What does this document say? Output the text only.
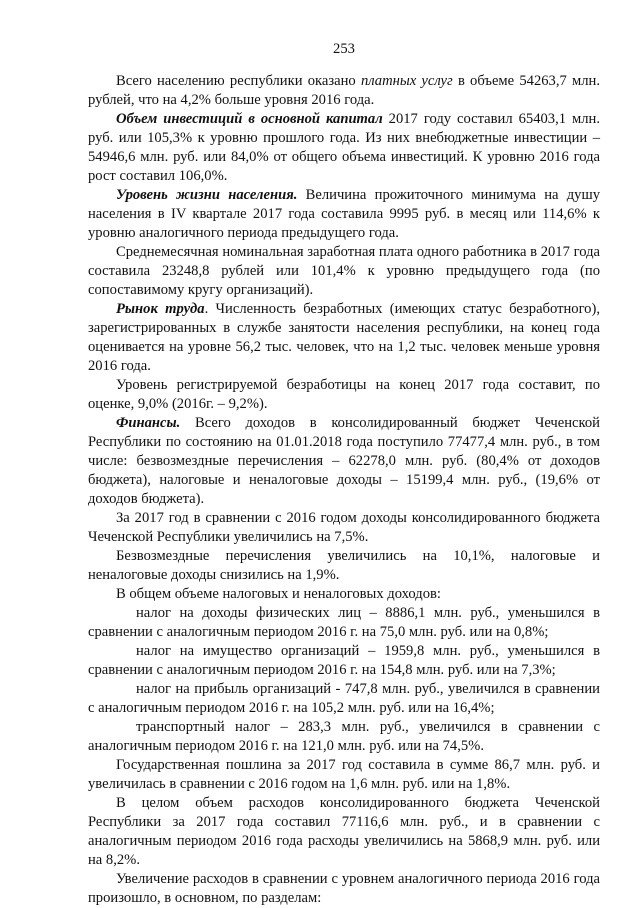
253

Всего населению республики оказано платных услуг в объеме 54263,7 млн. рублей, что на 4,2% больше уровня 2016 года.

Объем инвестиций в основной капитал 2017 году составил 65403,1 млн. руб. или 105,3% к уровню прошлого года. Из них внебюджетные инвестиции – 54946,6 млн. руб. или 84,0% от общего объема инвестиций. К уровню 2016 года рост составил 106,0%.

Уровень жизни населения. Величина прожиточного минимума на душу населения в IV квартале 2017 года составила 9995 руб. в месяц или 114,6% к уровню аналогичного периода предыдущего года.

Среднемесячная номинальная заработная плата одного работника в 2017 года составила 23248,8 рублей или 101,4% к уровню предыдущего года (по сопоставимому кругу организаций).

Рынок труда. Численность безработных (имеющих статус безработного), зарегистрированных в службе занятости населения республики, на конец года оценивается на уровне 56,2 тыс. человек, что на 1,2 тыс. человек меньше уровня 2016 года.

Уровень регистрируемой безработицы на конец 2017 года составит, по оценке, 9,0% (2016г. – 9,2%).

Финансы. Всего доходов в консолидированный бюджет Чеченской Республики по состоянию на 01.01.2018 года поступило 77477,4 млн. руб., в том числе: безвозмездные перечисления – 62278,0 млн. руб. (80,4% от доходов бюджета), налоговые и неналоговые доходы – 15199,4 млн. руб., (19,6% от доходов бюджета).

За 2017 год в сравнении с 2016 годом доходы консолидированного бюджета Чеченской Республики увеличились на 7,5%.

Безвозмездные перечисления увеличились на 10,1%, налоговые и неналоговые доходы снизились на 1,9%.

В общем объеме налоговых и неналоговых доходов:

налог на доходы физических лиц – 8886,1 млн. руб., уменьшился в сравнении с аналогичным периодом 2016 г. на 75,0 млн. руб. или на 0,8%;

налог на имущество организаций – 1959,8 млн. руб., уменьшился в сравнении с аналогичным периодом 2016 г. на 154,8 млн. руб. или на 7,3%;

налог на прибыль организаций - 747,8 млн. руб., увеличился в сравнении с аналогичным периодом 2016 г. на 105,2 млн. руб. или на 16,4%;

транспортный налог – 283,3 млн. руб., увеличился в сравнении с аналогичным периодом 2016 г. на 121,0 млн. руб. или на 74,5%.

Государственная пошлина за 2017 год составила в сумме 86,7 млн. руб. и увеличилась в сравнении с 2016 годом на 1,6 млн. руб. или на 1,8%.

В целом объем расходов консолидированного бюджета Чеченской Республики за 2017 года составил 77116,6 млн. руб., и в сравнении с аналогичным периодом 2016 года расходы увеличились на 5868,9 млн. руб. или на 8,2%.

Увеличение расходов в сравнении с уровнем аналогичного периода 2016 года произошло, в основном, по разделам:
